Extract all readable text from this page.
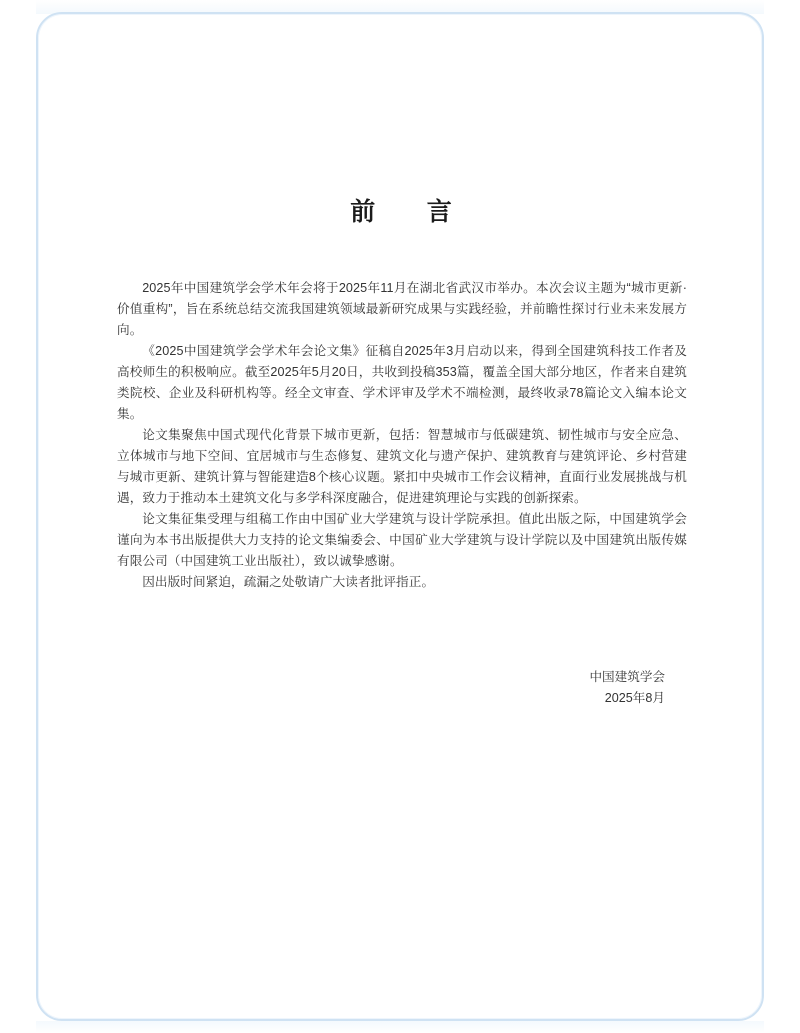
前      言

2025年中国建筑学会学术年会将于2025年11月在湖北省武汉市举办。本次会议主题为“城市更新·价值重构”，旨在系统总结交流我国建筑领域最新研究成果与实践经验，并前瞻性探讨行业未来发展方向。

《2025中国建筑学会学术年会论文集》征稿自2025年3月启动以来，得到全国建筑科技工作者及高校师生的积极响应。截至2025年5月20日，共收到投稿353篇，覆盖全国大部分地区，作者来自建筑类院校、企业及科研机构等。经全文审查、学术评审及学术不端检测，最终收录78篇论文入编本论文集。

论文集聚焦中国式现代化背景下城市更新，包括：智慧城市与低碳建筑、韧性城市与安全应急、立体城市与地下空间、宜居城市与生态修复、建筑文化与遗产保护、建筑教育与建筑评论、乡村营建与城市更新、建筑计算与智能建造8个核心议题。紧扣中央城市工作会议精神，直面行业发展挑战与机遇，致力于推动本土建筑文化与多学科深度融合，促进建筑理论与实践的创新探索。

论文集征集受理与组稿工作由中国矿业大学建筑与设计学院承担。值此出版之际，中国建筑学会谨向为本书出版提供大力支持的论文集编委会、中国矿业大学建筑与设计学院以及中国建筑出版传媒有限公司（中国建筑工业出版社），致以诚挚感谢。

因出版时间紧迫，疏漏之处敬请广大读者批评指正。

中国建筑学会
2025年8月
